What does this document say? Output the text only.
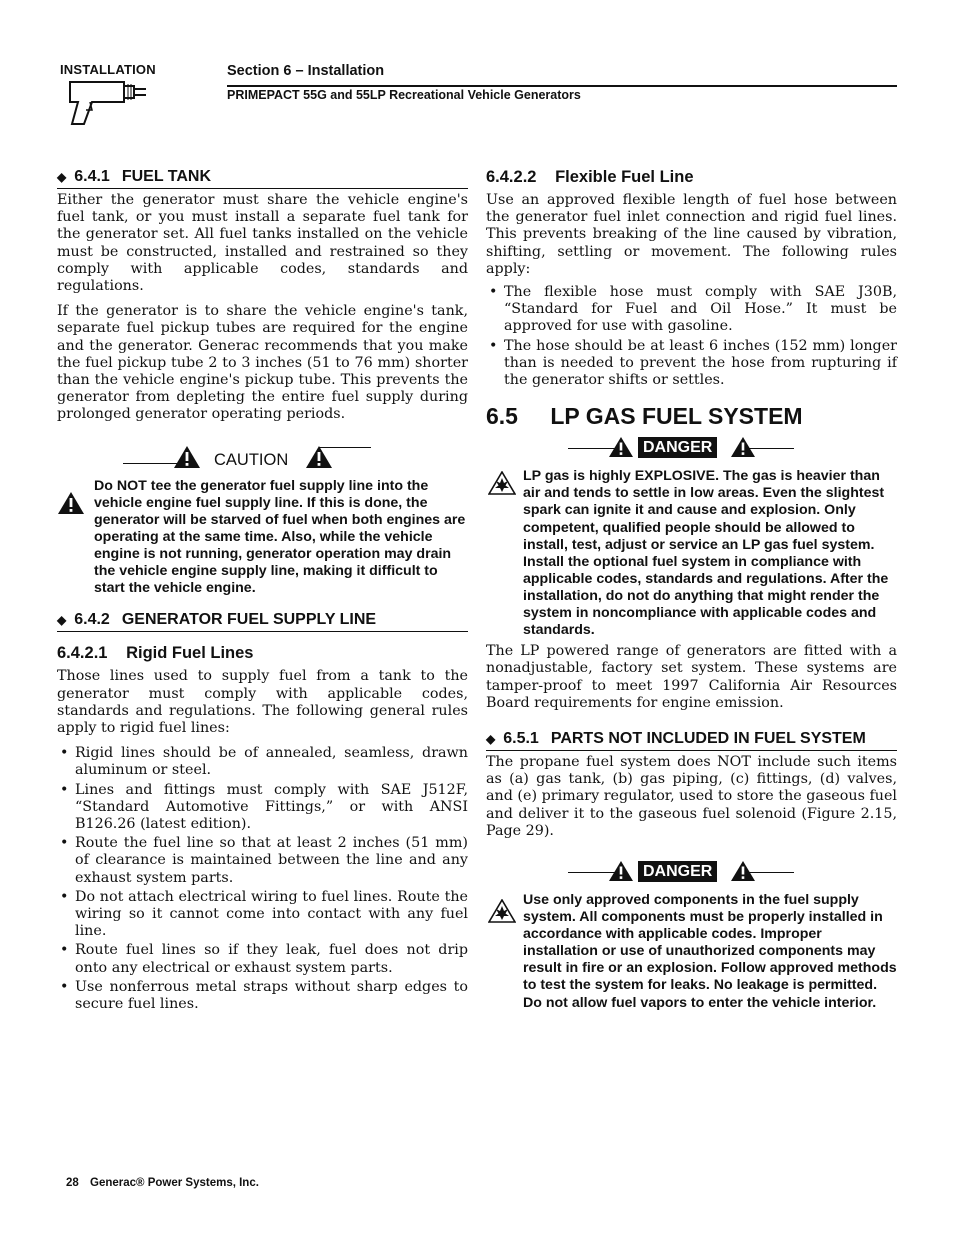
INSTALLATION	Section 6 – Installation
PRIMEPACT 55G and 55LP Recreational Vehicle Generators
◆ 6.4.1 FUEL TANK

Either the generator must share the vehicle engine's fuel tank, or you must install a separate fuel tank for the generator set. All fuel tanks installed on the vehicle must be constructed, installed and restrained so they comply with applicable codes, standards and regulations.

If the generator is to share the vehicle engine's tank, separate fuel pickup tubes are required for the engine and the generator. Generac recommends that you make the fuel pickup tube 2 to 3 inches (51 to 76 mm) shorter than the vehicle engine's pickup tube. This prevents the generator from depleting the entire fuel supply during prolonged generator operating periods.

CAUTION
Do NOT tee the generator fuel supply line into the vehicle engine fuel supply line. If this is done, the generator will be starved of fuel when both engines are operating at the same time. Also, while the vehicle engine is not running, generator operation may drain the vehicle engine supply line, making it difficult to start the vehicle engine.
◆ 6.4.2 GENERATOR FUEL SUPPLY LINE
6.4.2.1 Rigid Fuel Lines

Those lines used to supply fuel from a tank to the generator must comply with applicable codes, standards and regulations. The following general rules apply to rigid fuel lines:

• Rigid lines should be of annealed, seamless, drawn aluminum or steel.
• Lines and fittings must comply with SAE J512F, “Standard Automotive Fittings,” or with ANSI B126.26 (latest edition).
• Route the fuel line so that at least 2 inches (51 mm) of clearance is maintained between the line and any exhaust system parts.
• Do not attach electrical wiring to fuel lines. Route the wiring so it cannot come into contact with any fuel line.
• Route fuel lines so if they leak, fuel does not drip onto any electrical or exhaust system parts.
• Use nonferrous metal straps without sharp edges to secure fuel lines.
6.4.2.2 Flexible Fuel Line

Use an approved flexible length of fuel hose between the generator fuel inlet connection and rigid fuel lines. This prevents breaking of the line caused by vibration, shifting, settling or movement. The following rules apply:

• The flexible hose must comply with SAE J30B, “Standard for Fuel and Oil Hose.” It must be approved for use with gasoline.
• The hose should be at least 6 inches (152 mm) longer than is needed to prevent the hose from rupturing if the generator shifts or settles.
6.5 LP GAS FUEL SYSTEM
DANGER
LP gas is highly EXPLOSIVE. The gas is heavier than air and tends to settle in low areas. Even the slightest spark can ignite it and cause and explosion. Only competent, qualified people should be allowed to install, test, adjust or service an LP gas fuel system. Install the optional fuel system in compliance with applicable codes, standards and regulations. After the installation, do not do anything that might render the system in noncompliance with applicable codes and standards.

The LP powered range of generators are fitted with a nonadjustable, factory set system. These systems are tamper-proof to meet 1997 California Air Resources Board requirements for engine emission.

◆ 6.5.1 PARTS NOT INCLUDED IN FUEL SYSTEM

The propane fuel system does NOT include such items as (a) gas tank, (b) gas piping, (c) fittings, (d) valves, and (e) primary regulator, used to store the gaseous fuel and deliver it to the gaseous fuel solenoid (Figure 2.15, Page 29).

DANGER
Use only approved components in the fuel supply system. All components must be properly installed in accordance with applicable codes. Improper installation or use of unauthorized components may result in fire or an explosion. Follow approved methods to test the system for leaks. No leakage is permitted. Do not allow fuel vapors to enter the vehicle interior.
28 Generac® Power Systems, Inc.
